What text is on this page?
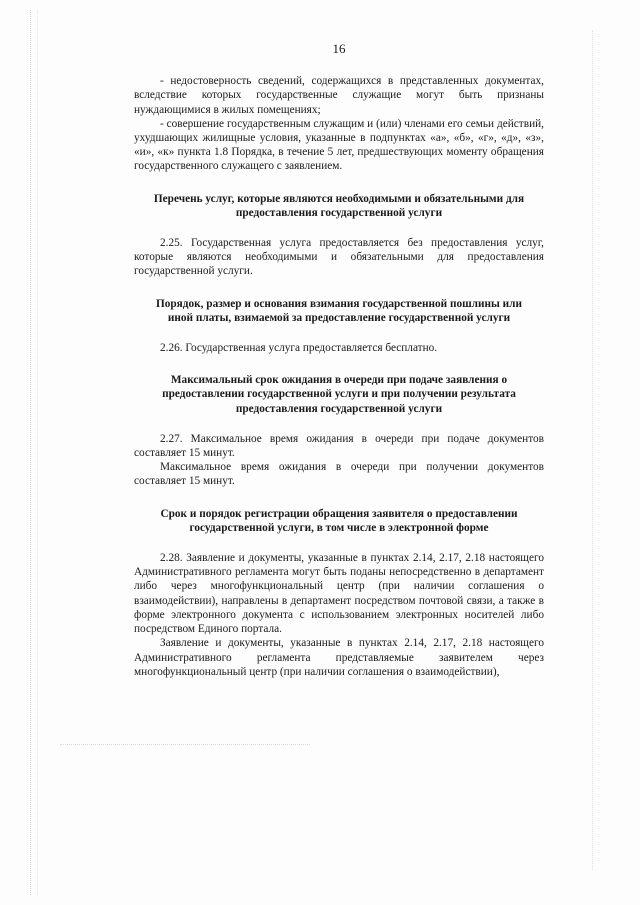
16

- недостоверность сведений, содержащихся в представленных документах, вследствие которых государственные служащие могут быть признаны нуждающимися в жилых помещениях;

- совершение государственным служащим и (или) членами его семьи действий, ухудшающих жилищные условия, указанные в подпунктах «а», «б», «г», «д», «з», «и», «к» пункта 1.8 Порядка, в течение 5 лет, предшествующих моменту обращения государственного служащего с заявлением.

Перечень услуг, которые являются необходимыми и обязательными для предоставления государственной услуги

2.25. Государственная услуга предоставляется без предоставления услуг, которые являются необходимыми и обязательными для предоставления государственной услуги.

Порядок, размер и основания взимания государственной пошлины или иной платы, взимаемой за предоставление государственной услуги

2.26. Государственная услуга предоставляется бесплатно.

Максимальный срок ожидания в очереди при подаче заявления о предоставлении государственной услуги и при получении результата предоставления государственной услуги

2.27. Максимальное время ожидания в очереди при подаче документов составляет 15 минут.

Максимальное время ожидания в очереди при получении документов составляет 15 минут.

Срок и порядок регистрации обращения заявителя о предоставлении государственной услуги, в том числе в электронной форме

2.28. Заявление и документы, указанные в пунктах 2.14, 2.17, 2.18 настоящего Административного регламента могут быть поданы непосредственно в департамент либо через многофункциональный центр (при наличии соглашения о взаимодействии), направлены в департамент посредством почтовой связи, а также в форме электронного документа с использованием электронных носителей либо посредством Единого портала.

Заявление и документы, указанные в пунктах 2.14, 2.17, 2.18 настоящего Административного регламента представляемые заявителем через многофункциональный центр (при наличии соглашения о взаимодействии),
